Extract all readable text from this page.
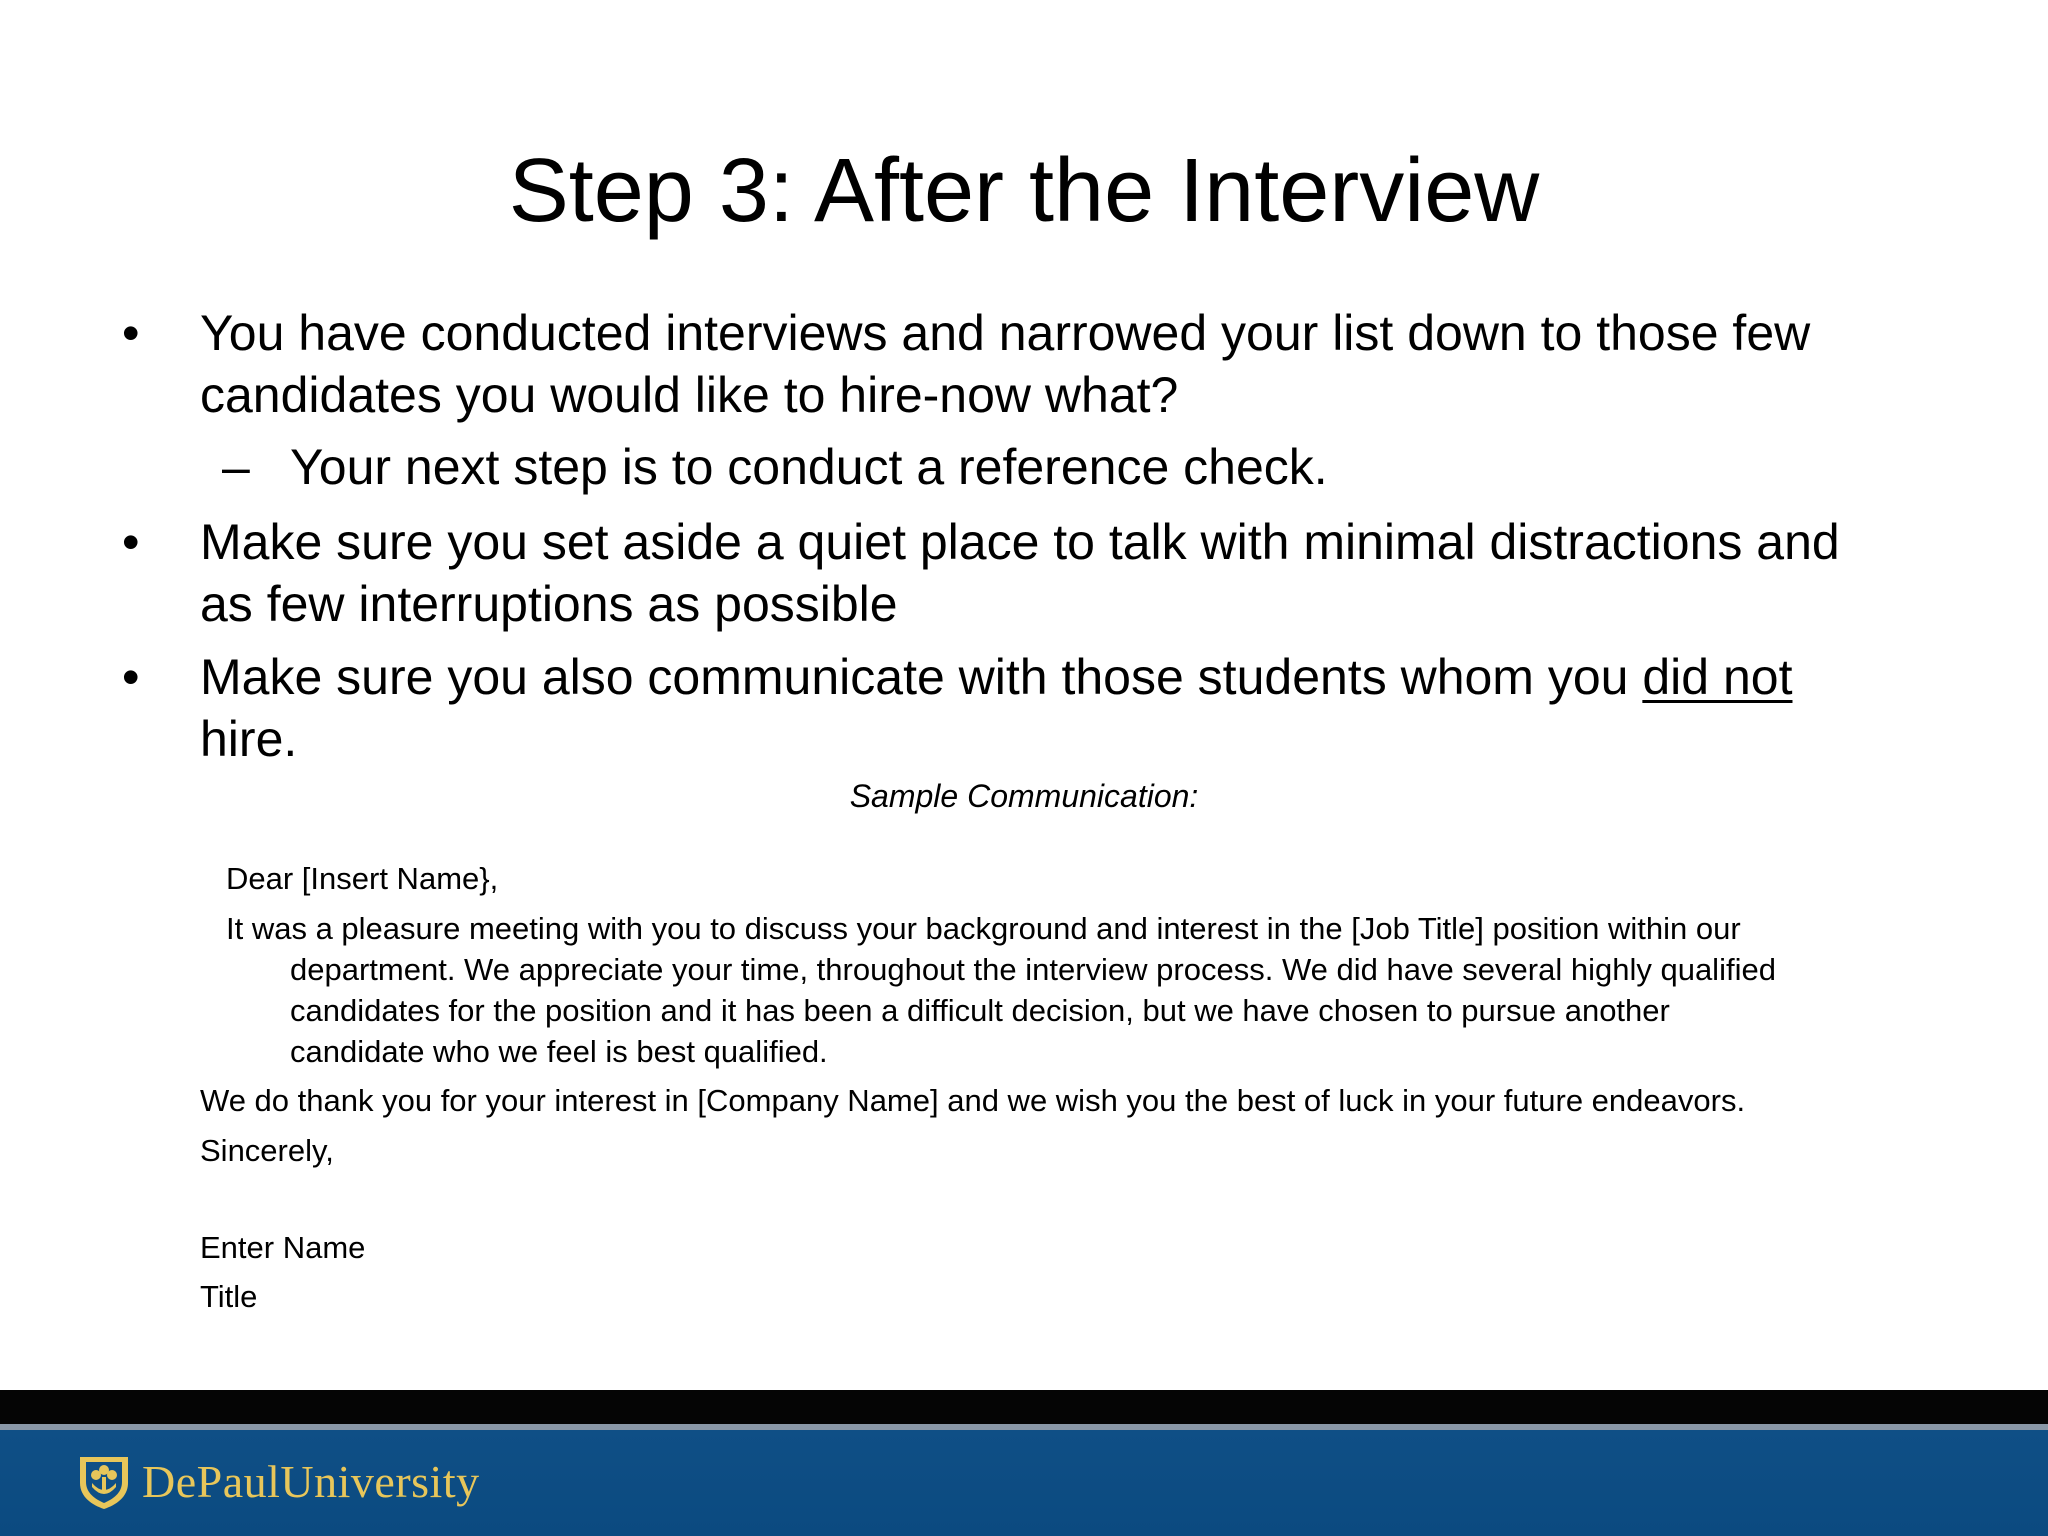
Step 3: After the Interview
• You have conducted interviews and narrowed your list down to those few
candidates you would like to hire-now what?
– Your next step is to conduct a reference check.
• Make sure you set aside a quiet place to talk with minimal distractions and
as few interruptions as possible
• Make sure you also communicate with those students whom you did not
hire.
Sample Communication:
Dear [Insert Name},
It was a pleasure meeting with you to discuss your background and interest in the [Job Title] position within our
department. We appreciate your time, throughout the interview process. We did have several highly qualified
candidates for the position and it has been a difficult decision, but we have chosen to pursue another
candidate who we feel is best qualified.
We do thank you for your interest in [Company Name] and we wish you the best of luck in your future endeavors.
Sincerely,
Enter Name
Title
DePaulUniversity
